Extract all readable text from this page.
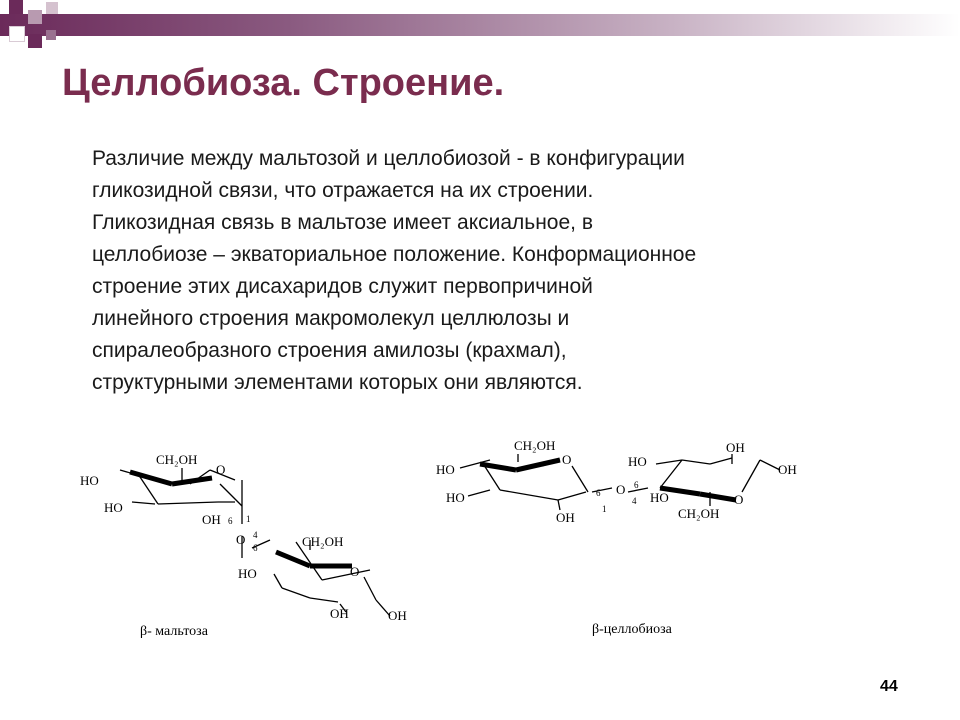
Целлобиоза. Строение.
Различие между мальтозой и целлобиозой - в конфигурации
гликозидной связи, что отражается на их строении.
Гликозидная связь в мальтозе имеет аксиальное, в
целлобиозе – экваториальное положение. Конформационное
строение этих дисахаридов служит первопричиной
линейного строения макромолекул целлюлозы и
спиралеобразного строения амилозы (крахмал),
структурными элементами которых они являются.
CH₂OH
O
HO
HO
OH 6 1
O 4
6	CH₂OH
O
HO
OH	OH
β- мальтоза
CH₂OH
O
HO
HO
OH
6
1
O 6
4
HO
HO
OH
OH
O
CH₂OH
β-целлобиоза
44
